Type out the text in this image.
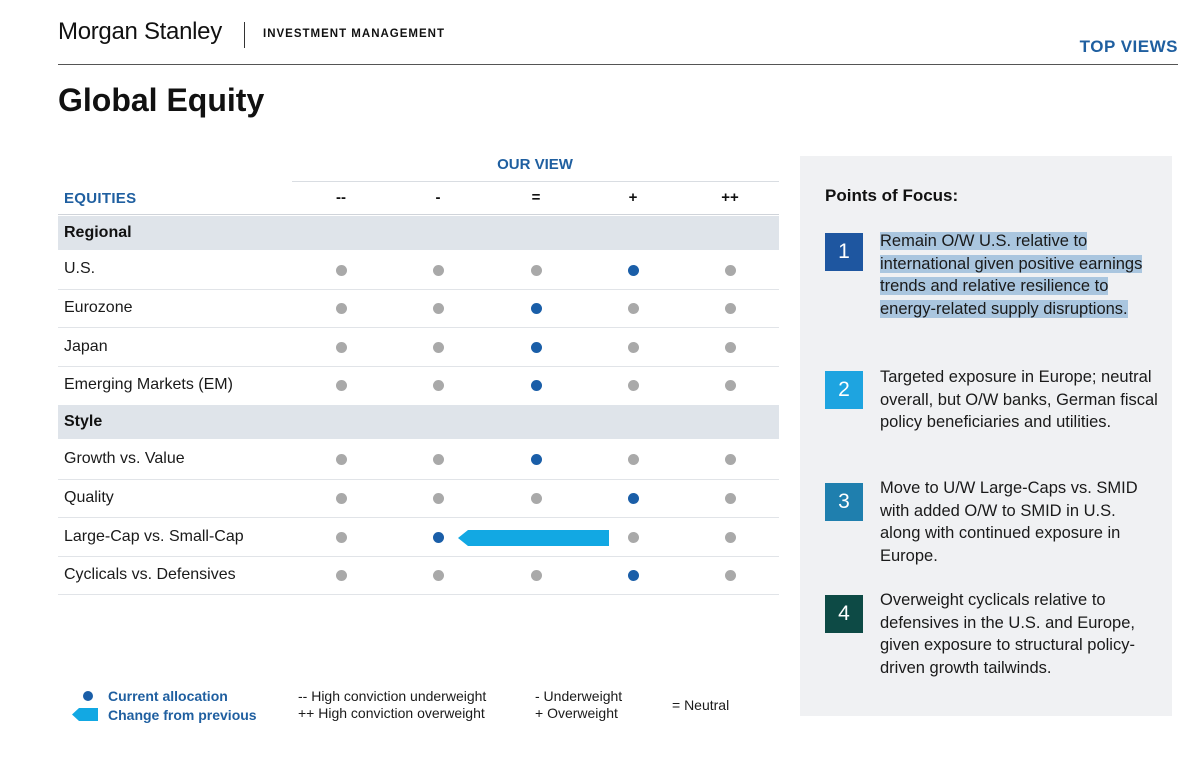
Morgan Stanley	INVESTMENT MANAGEMENT
TOP VIEWS
Global Equity
OUR VIEW
EQUITIES	--	-	=	+	++
Regional
U.S.
Eurozone
Japan
Emerging Markets (EM)
Style
Growth vs. Value
Quality
Large-Cap vs. Small-Cap
Cyclicals vs. Defensives
Current allocation
Change from previous
-- High conviction underweight
++ High conviction overweight
- Underweight
+ Overweight	= Neutral
Points of Focus:
1	Remain O/W U.S. relative to international given positive earnings trends and relative resilience to energy-related supply disruptions.
2
Targeted exposure in Europe; neutral overall, but O/W banks, German fiscal policy beneficiaries and utilities.
3
Move to U/W Large-Caps vs. SMID with added O/W to SMID in U.S. along with continued exposure in Europe.
4
Overweight cyclicals relative to defensives in the U.S. and Europe, given exposure to structural policy-driven growth tailwinds.
